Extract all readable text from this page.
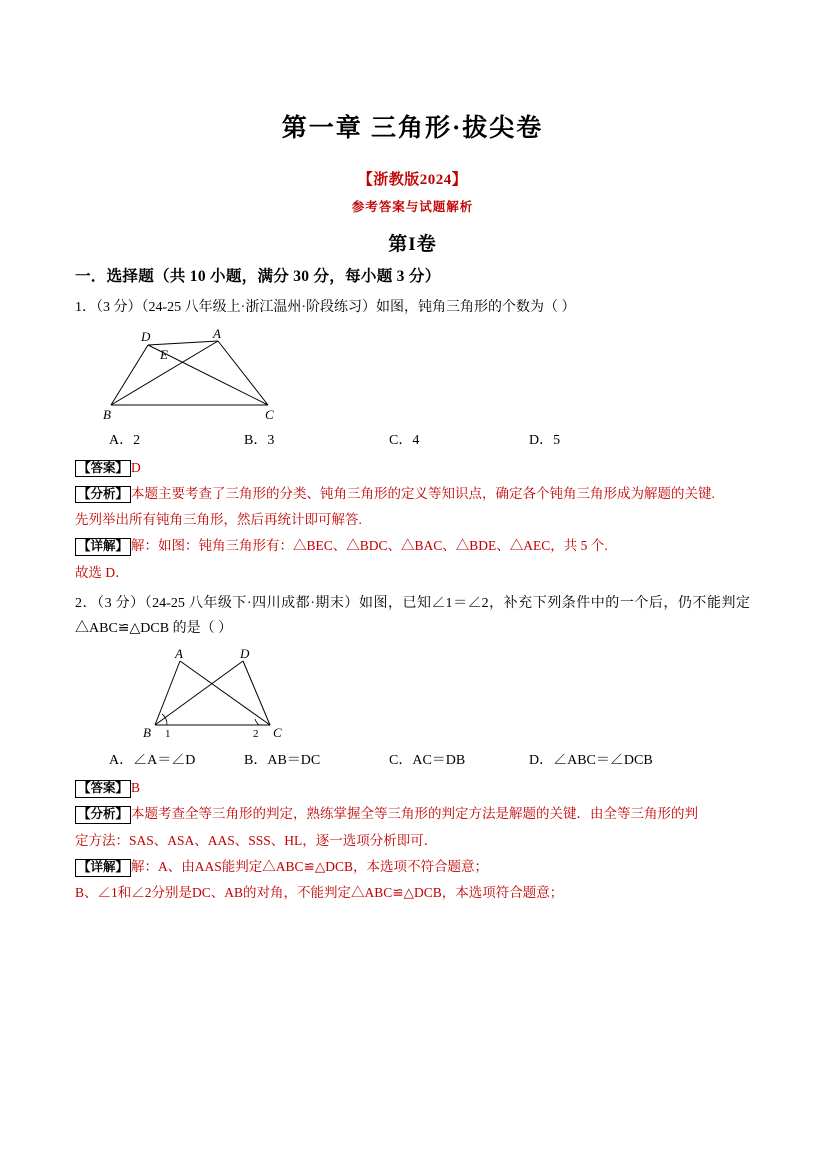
第一章 三角形·拔尖卷
【浙教版2024】
参考答案与试题解析
第I卷
一．选择题（共 10 小题，满分 30 分，每小题 3 分）
1．（3 分）（24-25 八年级上·浙江温州·阶段练习）如图，钝角三角形的个数为（ ）
D
E
A
B	C
A．2	B．3	C．4	D．5
【答案】 D
【分析】 本题主要考查了三角形的分类、钝角三角形的定义等知识点，确定各个钝角三角形成为解题的关键.
先列举出所有钝角三角形，然后再统计即可解答.
【详解】 解：如图：钝角三角形有：△BEC、△BDC、△BAC、△BDE、△AEC，共 5 个.
故选 D．
2．（3 分）（24-25 八年级下·四川成都·期末）如图，已知∠1＝∠2，补充下列条件中的一个后，仍不能判定△ABC≌△DCB 的是（ ）
A	D
B	C
1	2
A．∠A＝∠D	B．AB＝DC	C．AC＝DB	D．∠ABC＝∠DCB
【答案】 B
【分析】 本题考查全等三角形的判定，熟练掌握全等三角形的判定方法是解题的关键．由全等三角形的判
定方法：SAS、ASA、AAS、SSS、HL，逐一选项分析即可．
【详解】 解：A、由AAS能判定△ABC≌△DCB，本选项不符合题意；
B、∠1和∠2分别是DC、AB的对角，不能判定△ABC≌△DCB，本选项符合题意；
